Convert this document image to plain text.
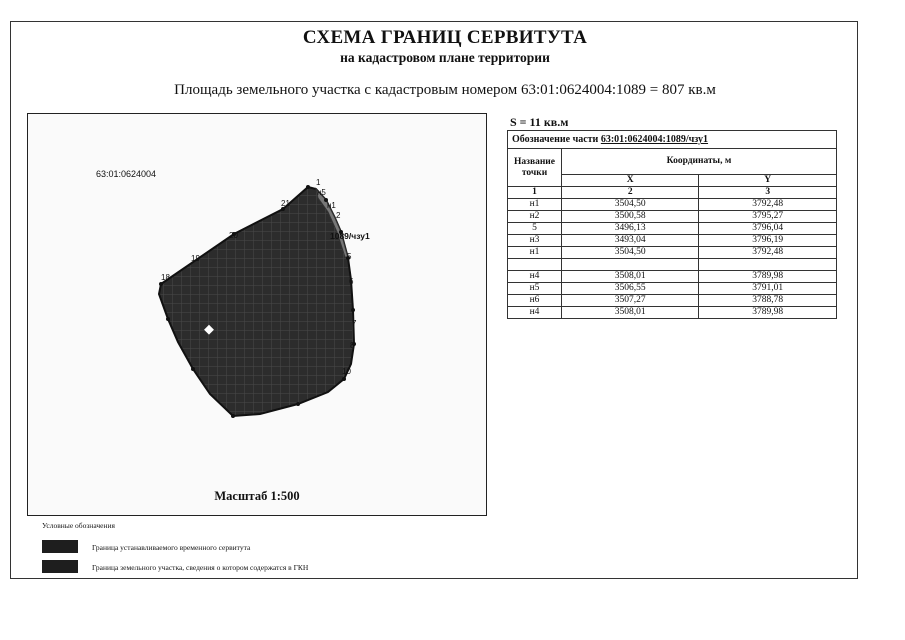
СХЕМА ГРАНИЦ СЕРВИТУТА
на кадастровом плане территории
Площадь земельного участка с кадастровым номером 63:01:0624004:1089 = 807 кв.м
63:01:0624004
1
н5
21	н1
2
20
19	5
18	6
7
8
10
1089/чзу1
Масштаб 1:500
S = 11 кв.м
Обозначение части 63:01:0624004:1089/чзу1		
Название точки	Координаты, м	
	X	Y
1	2	3
н1	3504,50	3792,48
н2	3500,58	3795,27
5	3496,13	3796,04
н3	3493,04	3796,19
н1	3504,50	3792,48

н4	3508,01	3789,98
н5	3506,55	3791,01
н6	3507,27	3788,78
н4	3508,01	3789,98
Условные обозначения
Граница устанавливаемого временного сервитута
Граница земельного участка, сведения о котором содержатся в ГКН
